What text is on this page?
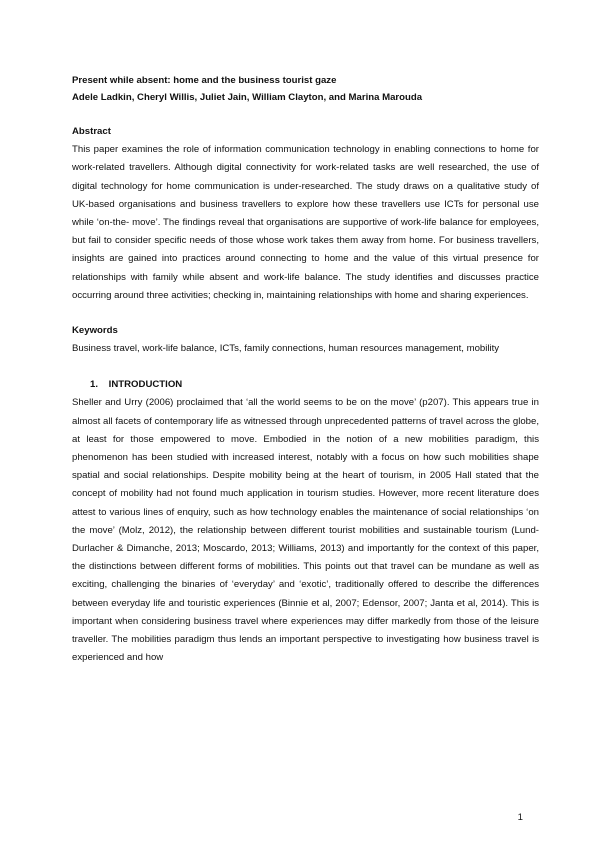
Present while absent: home and the business tourist gaze
Adele Ladkin, Cheryl Willis, Juliet Jain, William Clayton, and Marina Marouda
Abstract

This paper examines the role of information communication technology in enabling connections to home for work-related travellers. Although digital connectivity for work-related tasks are well researched, the use of digital technology for home communication is under-researched. The study draws on a qualitative study of UK-based organisations and business travellers to explore how these travellers use ICTs for personal use while ‘on-the- move’. The findings reveal that organisations are supportive of work-life balance for employees, but fail to consider specific needs of those whose work takes them away from home. For business travellers, insights are gained into practices around connecting to home and the value of this virtual presence for relationships with family while absent and work-life balance. The study identifies and discusses practice occurring around three activities; checking in, maintaining relationships with home and sharing experiences.

Keywords

Business travel, work-life balance, ICTs, family connections, human resources management, mobility

1. INTRODUCTION

Sheller and Urry (2006) proclaimed that ‘all the world seems to be on the move’ (p207). This appears true in almost all facets of contemporary life as witnessed through unprecedented patterns of travel across the globe, at least for those empowered to move. Embodied in the notion of a new mobilities paradigm, this phenomenon has been studied with increased interest, notably with a focus on how such mobilities shape spatial and social relationships. Despite mobility being at the heart of tourism, in 2005 Hall stated that the concept of mobility had not found much application in tourism studies. However, more recent literature does attest to various lines of enquiry, such as how technology enables the maintenance of social relationships ‘on the move’ (Molz, 2012), the relationship between different tourist mobilities and sustainable tourism (Lund-Durlacher & Dimanche, 2013; Moscardo, 2013; Williams, 2013) and importantly for the context of this paper, the distinctions between different forms of mobilities. This points out that travel can be mundane as well as exciting, challenging the binaries of ‘everyday’ and ‘exotic’, traditionally offered to describe the differences between everyday life and touristic experiences (Binnie et al, 2007; Edensor, 2007; Janta et al, 2014). This is important when considering business travel where experiences may differ markedly from those of the leisure traveller. The mobilities paradigm thus lends an important perspective to investigating how business travel is experienced and how

1
